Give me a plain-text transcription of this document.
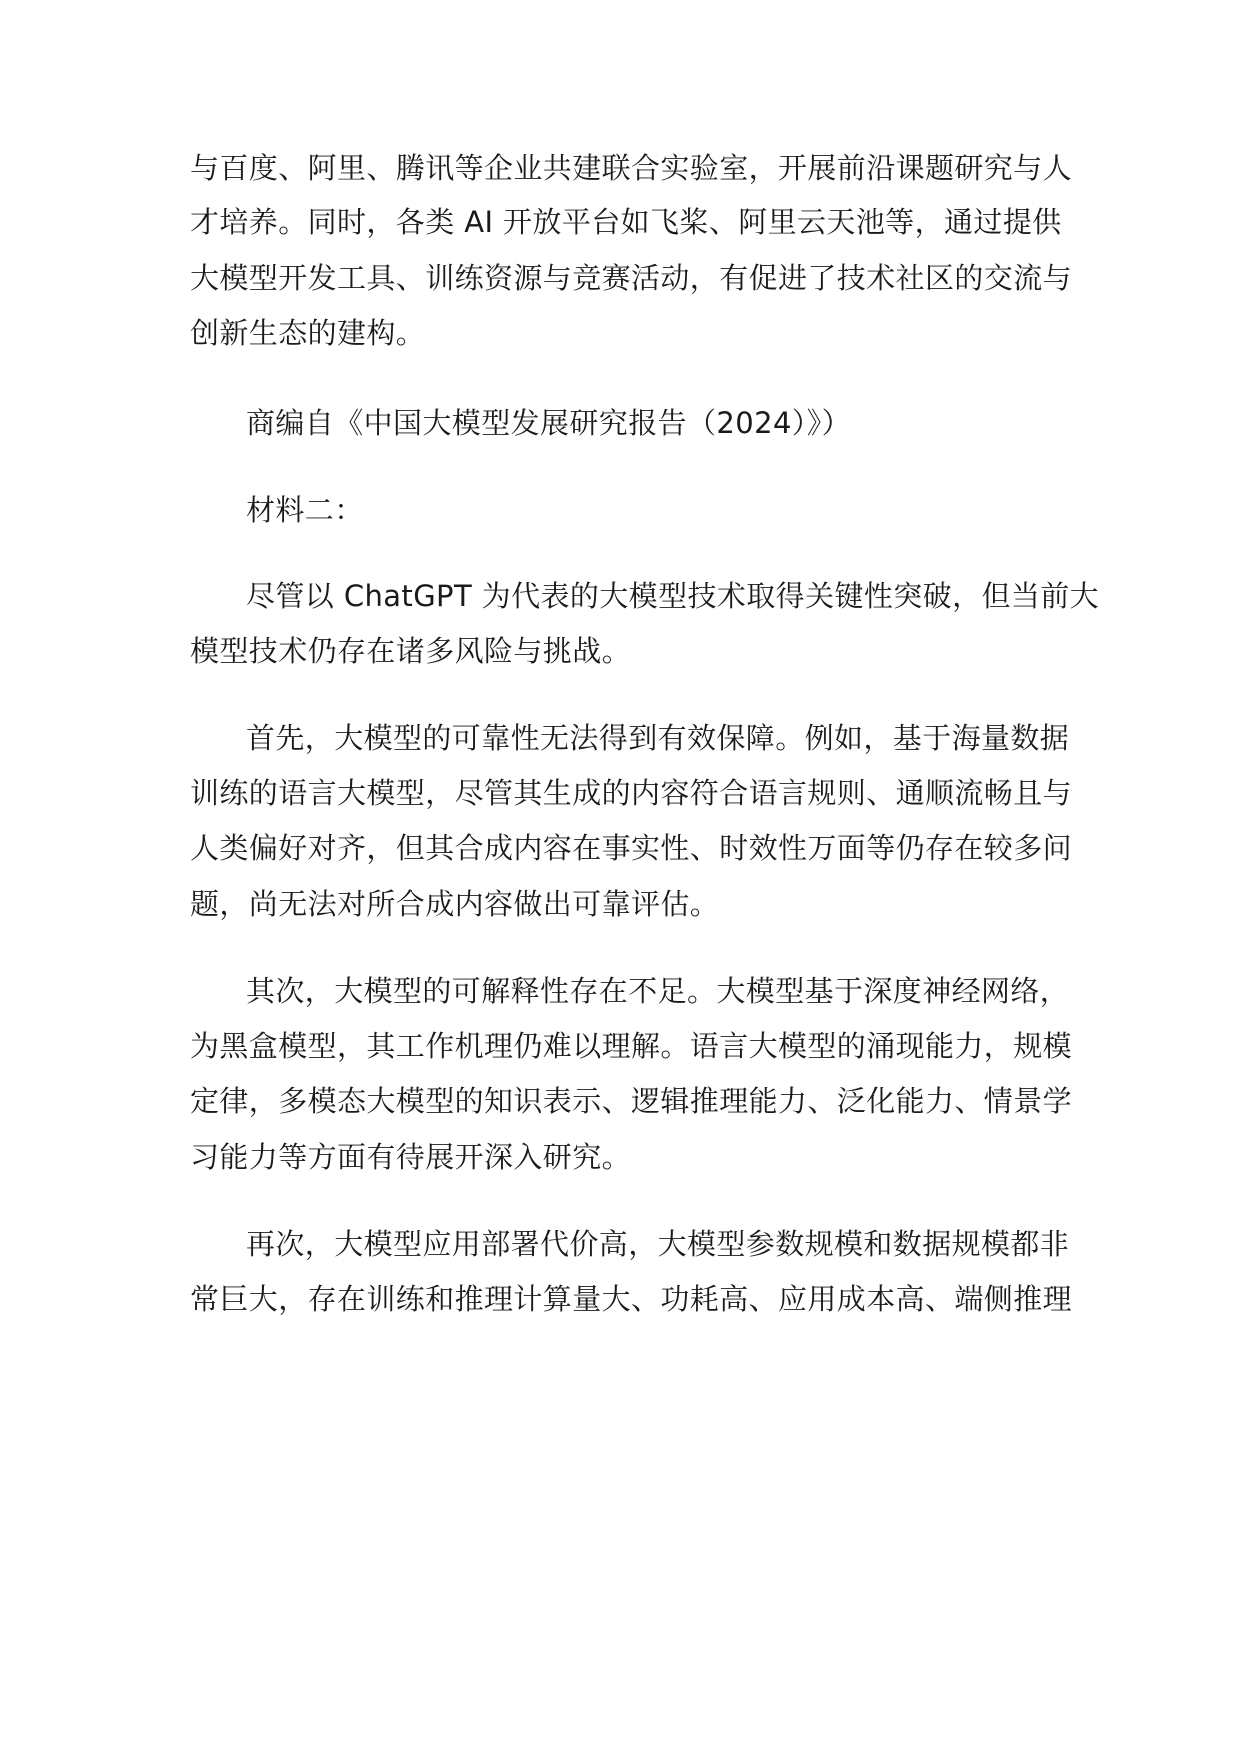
与百度、阿里、腾讯等企业共建联合实验室，开展前沿课题研究与人
才培养。同时，各类 AI 开放平台如飞桨、阿里云天池等，通过提供
大模型开发工具、训练资源与竞赛活动，有促进了技术社区的交流与
创新生态的建构。
商编自《中国大模型发展研究报告（2024）》）
材料二：
尽管以 ChatGPT 为代表的大模型技术取得关键性突破，但当前大
模型技术仍存在诸多风险与挑战。
首先，大模型的可靠性无法得到有效保障。例如，基于海量数据
训练的语言大模型，尽管其生成的内容符合语言规则、通顺流畅且与
人类偏好对齐，但其合成内容在事实性、时效性万面等仍存在较多问
题，尚无法对所合成内容做出可靠评估。
其次，大模型的可解释性存在不足。大模型基于深度神经网络，
为黑盒模型，其工作机理仍难以理解。语言大模型的涌现能力，规模
定律，多模态大模型的知识表示、逻辑推理能力、泛化能力、情景学
习能力等方面有待展开深入研究。
再次，大模型应用部署代价高，大模型参数规模和数据规模都非
常巨大，存在训练和推理计算量大、功耗高、应用成本高、端侧推理
